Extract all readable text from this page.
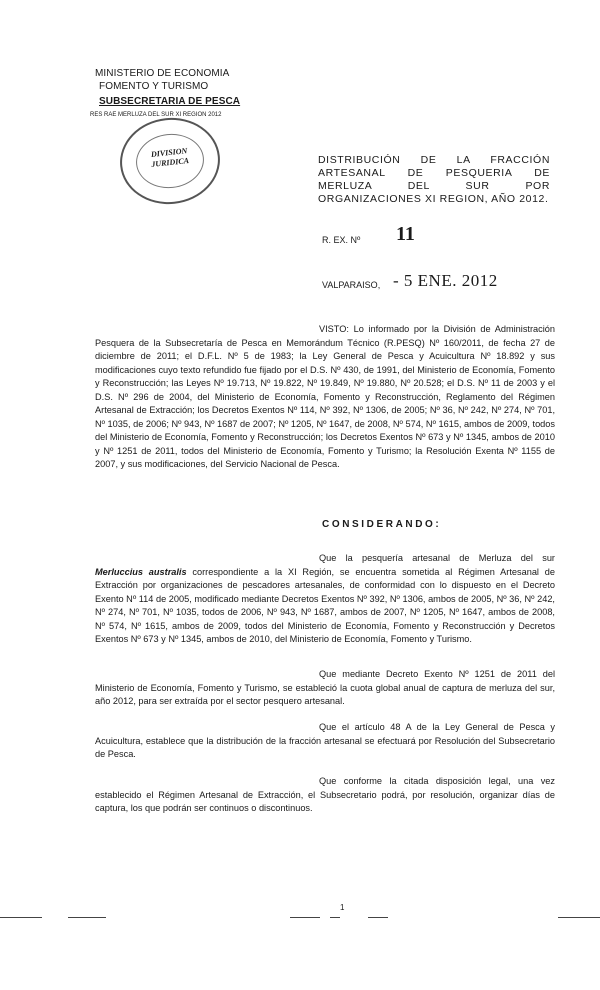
MINISTERIO DE ECONOMIA
FOMENTO Y TURISMO
SUBSECRETARIA DE PESCA
RES RAE MERLUZA DEL SUR XI REGION 2012
DIVISION
JURIDICA	DISTRIBUCIÓN DE LA FRACCIÓN ARTESANAL DE PESQUERIA DE MERLUZA DEL SUR POR ORGANIZACIONES XI REGION, AÑO 2012.
R. EX. Nº 11
VALPARAISO, - 5 ENE. 2012
VISTO: Lo informado por la División de Administración Pesquera de la Subsecretaría de Pesca en Memorándum Técnico (R.PESQ) Nº 160/2011, de fecha 27 de diciembre de 2011; el D.F.L. Nº 5 de 1983; la Ley General de Pesca y Acuicultura Nº 18.892 y sus modificaciones cuyo texto refundido fue fijado por el D.S. Nº 430, de 1991, del Ministerio de Economía, Fomento y Reconstrucción; las Leyes Nº 19.713, Nº 19.822, Nº 19.849, Nº 19.880, Nº 20.528; el D.S. Nº 11 de 2003 y el D.S. Nº 296 de 2004, del Ministerio de Economía, Fomento y Reconstrucción, Reglamento del Régimen Artesanal de Extracción; los Decretos Exentos Nº 114, Nº 392, Nº 1306, de 2005; Nº 36, Nº 242, Nº 274, Nº 701, Nº 1035, de 2006; Nº 943, Nº 1687 de 2007; Nº 1205, Nº 1647, de 2008, Nº 574, Nº 1615, ambos de 2009, todos del Ministerio de Economía, Fomento y Reconstrucción; los Decretos Exentos Nº 673 y Nº 1345, ambos de 2010 y Nº 1251 de 2011, todos del Ministerio de Economía, Fomento y Turismo; la Resolución Exenta Nº 1155 de 2007, y sus modificaciones, del Servicio Nacional de Pesca.
CONSIDERANDO:
Que la pesquería artesanal de Merluza del sur Merluccius australis correspondiente a la XI Región, se encuentra sometida al Régimen Artesanal de Extracción por organizaciones de pescadores artesanales, de conformidad con lo dispuesto en el Decreto Exento Nº 114 de 2005, modificado mediante Decretos Exentos Nº 392, Nº 1306, ambos de 2005, Nº 36, Nº 242, Nº 274, Nº 701, Nº 1035, todos de 2006, Nº 943, Nº 1687, ambos de 2007, Nº 1205, Nº 1647, ambos de 2008, Nº 574, Nº 1615, ambos de 2009, todos del Ministerio de Economía, Fomento y Reconstrucción y Decretos Exentos Nº 673 y Nº 1345, ambos de 2010, del Ministerio de Economía, Fomento y Turismo.
Que mediante Decreto Exento Nº 1251 de 2011 del Ministerio de Economía, Fomento y Turismo, se estableció la cuota global anual de captura de merluza del sur, año 2012, para ser extraída por el sector pesquero artesanal.
Que el artículo 48 A de la Ley General de Pesca y Acuicultura, establece que la distribución de la fracción artesanal se efectuará por Resolución del Subsecretario de Pesca.
Que conforme la citada disposición legal, una vez establecido el Régimen Artesanal de Extracción, el Subsecretario podrá, por resolución, organizar días de captura, los que podrán ser continuos o discontinuos.
1
